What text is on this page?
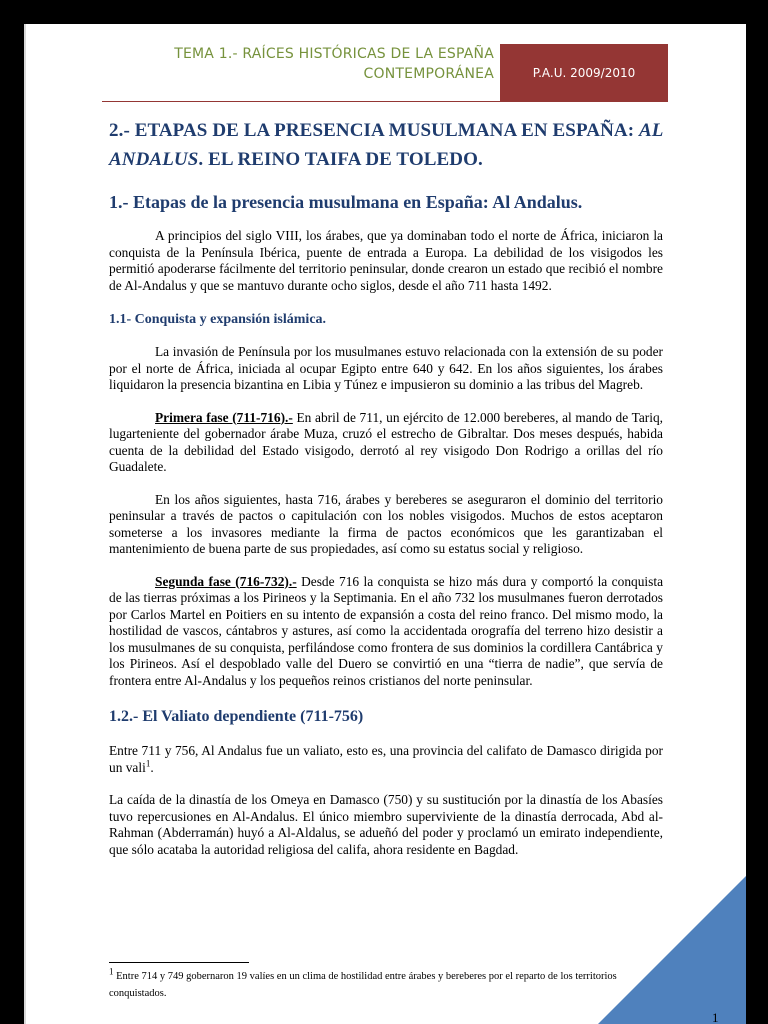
TEMA 1.- RAÍCES HISTÓRICAS DE LA ESPAÑA
CONTEMPORÁNEA	P.A.U. 2009/2010
2.- ETAPAS DE LA PRESENCIA MUSULMANA EN ESPAÑA: AL ANDALUS. EL REINO TAIFA DE TOLEDO.
1.- Etapas de la presencia musulmana en España: Al Andalus.

A principios del siglo VIII, los árabes, que ya dominaban todo el norte de África, iniciaron la conquista de la Península Ibérica, puente de entrada a Europa. La debilidad de los visigodos les permitió apoderarse fácilmente del territorio peninsular, donde crearon un estado que recibió el nombre de Al-Andalus y que se mantuvo durante ocho siglos, desde el año 711 hasta 1492.

1.1- Conquista y expansión islámica.

La invasión de Península por los musulmanes estuvo relacionada con la extensión de su poder por el norte de África, iniciada al ocupar Egipto entre 640 y 642. En los años siguientes, los árabes liquidaron la presencia bizantina en Libia y Túnez e impusieron su dominio a las tribus del Magreb.

Primera fase (711-716).- En abril de 711, un ejército de 12.000 bereberes, al mando de Tariq, lugarteniente del gobernador árabe Muza, cruzó el estrecho de Gibraltar. Dos meses después, habida cuenta de la debilidad del Estado visigodo, derrotó al rey visigodo Don Rodrigo a orillas del río Guadalete.

En los años siguientes, hasta 716, árabes y bereberes se aseguraron el dominio del territorio peninsular a través de pactos o capitulación con los nobles visigodos. Muchos de estos aceptaron someterse a los invasores mediante la firma de pactos económicos que les garantizaban el mantenimiento de buena parte de sus propiedades, así como su estatus social y religioso.

Segunda fase (716-732).- Desde 716 la conquista se hizo más dura y comportó la conquista de las tierras próximas a los Pirineos y la Septimania. En el año 732 los musulmanes fueron derrotados por Carlos Martel en Poitiers en su intento de expansión a costa del reino franco. Del mismo modo, la hostilidad de vascos, cántabros y astures, así como la accidentada orografía del terreno hizo desistir a los musulmanes de su conquista, perfilándose como frontera de sus dominios la cordillera Cantábrica y los Pirineos. Así el despoblado valle del Duero se convirtió en una “tierra de nadie”, que servía de frontera entre Al-Andalus y los pequeños reinos cristianos del norte peninsular.

1.2.- El Valiato dependiente (711-756)

Entre 711 y 756, Al Andalus fue un valiato, esto es, una provincia del califato de Damasco dirigida por un vali$^1$.

La caída de la dinastía de los Omeya en Damasco (750) y su sustitución por la dinastía de los Abasíes tuvo repercusiones en Al-Andalus. El único miembro superviviente de la dinastía derrocada, Abd al-Rahman (Abderramán) huyó a Al-Aldalus, se adueñó del poder y proclamó un emirato independiente, que sólo acataba la autoridad religiosa del califa, ahora residente en Bagdad.

$^1$ Entre 714 y 749 gobernaron 19 valíes en un clima de hostilidad entre árabes y bereberes por el reparto de los territorios conquistados.
1
